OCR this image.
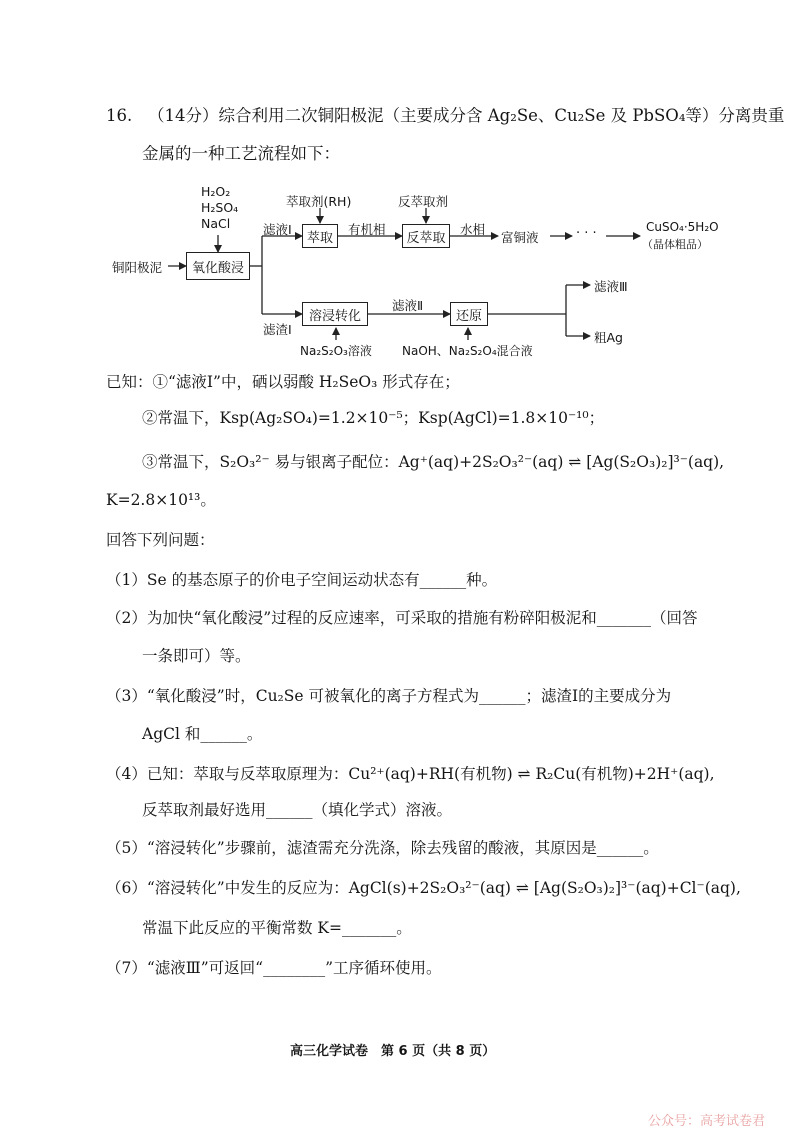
16. （14分）综合利用二次铜阳极泥（主要成分含 Ag₂Se、Cu₂Se 及 PbSO₄等）分离贵重
金属的一种工艺流程如下：
H₂O₂
H₂SO₄
NaCl
铜阳极泥	氧化酸浸
滤液Ⅰ
滤渣Ⅰ
萃取剂(RH)
萃取
有机相
反萃取剂
反萃取
水相
富铜液	· · ·	CuSO₄·5H₂O
（晶体粗品）
溶浸转化
滤液Ⅱ
还原
滤液Ⅲ
粗Ag
Na₂S₂O₃溶液	NaOH、Na₂S₂O₄混合液
已知：①“滤液Ⅰ”中，硒以弱酸 H₂SeO₃ 形式存在；
②常温下，Ksp(Ag₂SO₄)=1.2×10⁻⁵；Ksp(AgCl)=1.8×10⁻¹⁰；
③常温下，S₂O₃²⁻ 易与银离子配位：Ag⁺(aq)+2S₂O₃²⁻(aq) ⇌ [Ag(S₂O₃)₂]³⁻(aq),
K=2.8×10¹³。
回答下列问题：
（1）Se 的基态原子的价电子空间运动状态有______种。
（2）为加快“氧化酸浸”过程的反应速率，可采取的措施有粉碎阳极泥和_______（回答
一条即可）等。
（3）“氧化酸浸”时，Cu₂Se 可被氧化的离子方程式为______；滤渣Ⅰ的主要成分为
AgCl 和______。
（4）已知：萃取与反萃取原理为：Cu²⁺(aq)+RH(有机物) ⇌ R₂Cu(有机物)+2H⁺(aq),
反萃取剂最好选用______（填化学式）溶液。
（5）“溶浸转化”步骤前，滤渣需充分洗涤，除去残留的酸液，其原因是______。
（6）“溶浸转化”中发生的反应为：AgCl(s)+2S₂O₃²⁻(aq) ⇌ [Ag(S₂O₃)₂]³⁻(aq)+Cl⁻(aq),
常温下此反应的平衡常数 K=_______。
（7）“滤液Ⅲ”可返回“________”工序循环使用。
高三化学试卷　第 6 页（共 8 页）
公众号：高考试卷君
